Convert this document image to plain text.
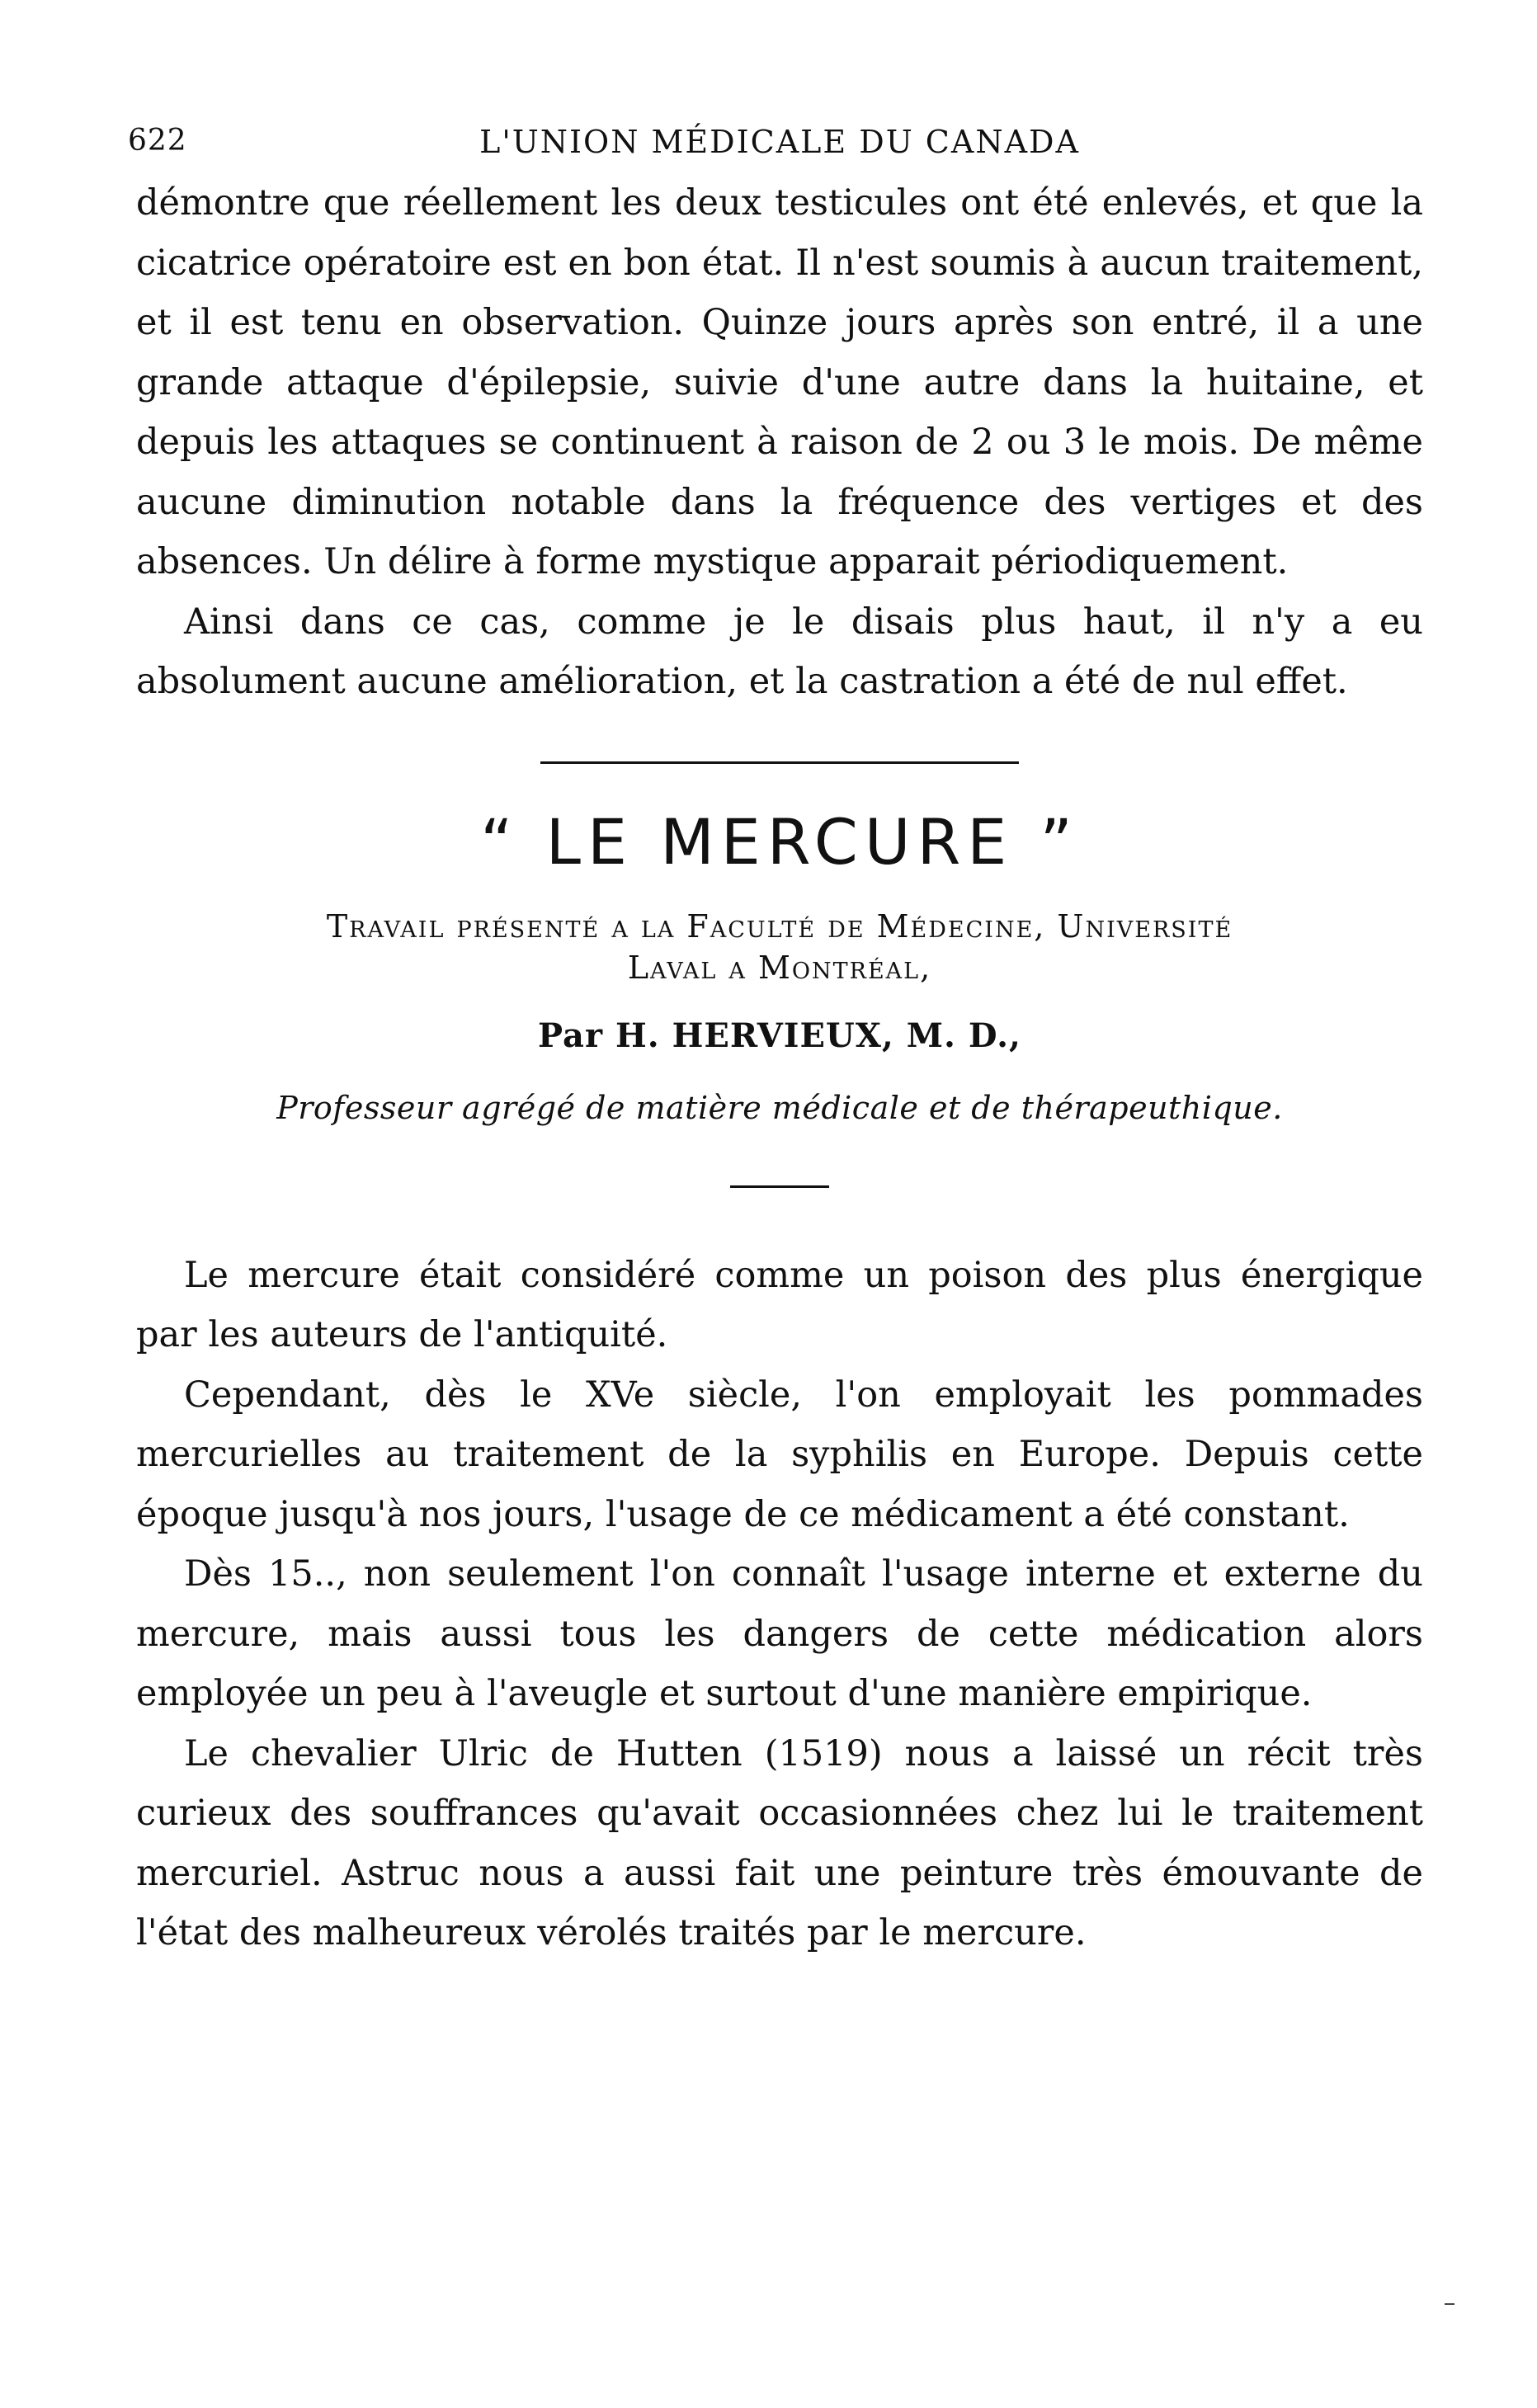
622	L'UNION MÉDICALE DU CANADA

démontre que réellement les deux testicules ont été enlevés, et que la cicatrice opératoire est en bon état. Il n'est soumis à aucun traitement, et il est tenu en observation. Quinze jours après son entré, il a une grande attaque d'épilepsie, suivie d'une autre dans la huitaine, et depuis les attaques se continuent à raison de 2 ou 3 le mois. De même aucune diminution notable dans la fréquence des vertiges et des absences. Un délire à forme mystique apparait périodiquement.

Ainsi dans ce cas, comme je le disais plus haut, il n'y a eu absolument aucune amélioration, et la castration a été de nul effet.

“ LE MERCURE ”
Travail présenté a la Faculté de Médecine, Université
Laval a Montréal,
Par H. HERVIEUX, M. D.,
Professeur agrégé de matière médicale et de thérapeuthique.

Le mercure était considéré comme un poison des plus énergique par les auteurs de l'antiquité.

Cependant, dès le XVe siècle, l'on employait les pommades mercurielles au traitement de la syphilis en Europe. Depuis cette époque jusqu'à nos jours, l'usage de ce médicament a été constant.

Dès 15.., non seulement l'on connaît l'usage interne et externe du mercure, mais aussi tous les dangers de cette médication alors employée un peu à l'aveugle et surtout d'une manière empirique.

Le chevalier Ulric de Hutten (1519) nous a laissé un récit très curieux des souffrances qu'avait occasionnées chez lui le traitement mercuriel. Astruc nous a aussi fait une peinture très émouvante de l'état des malheureux vérolés traités par le mercure.
